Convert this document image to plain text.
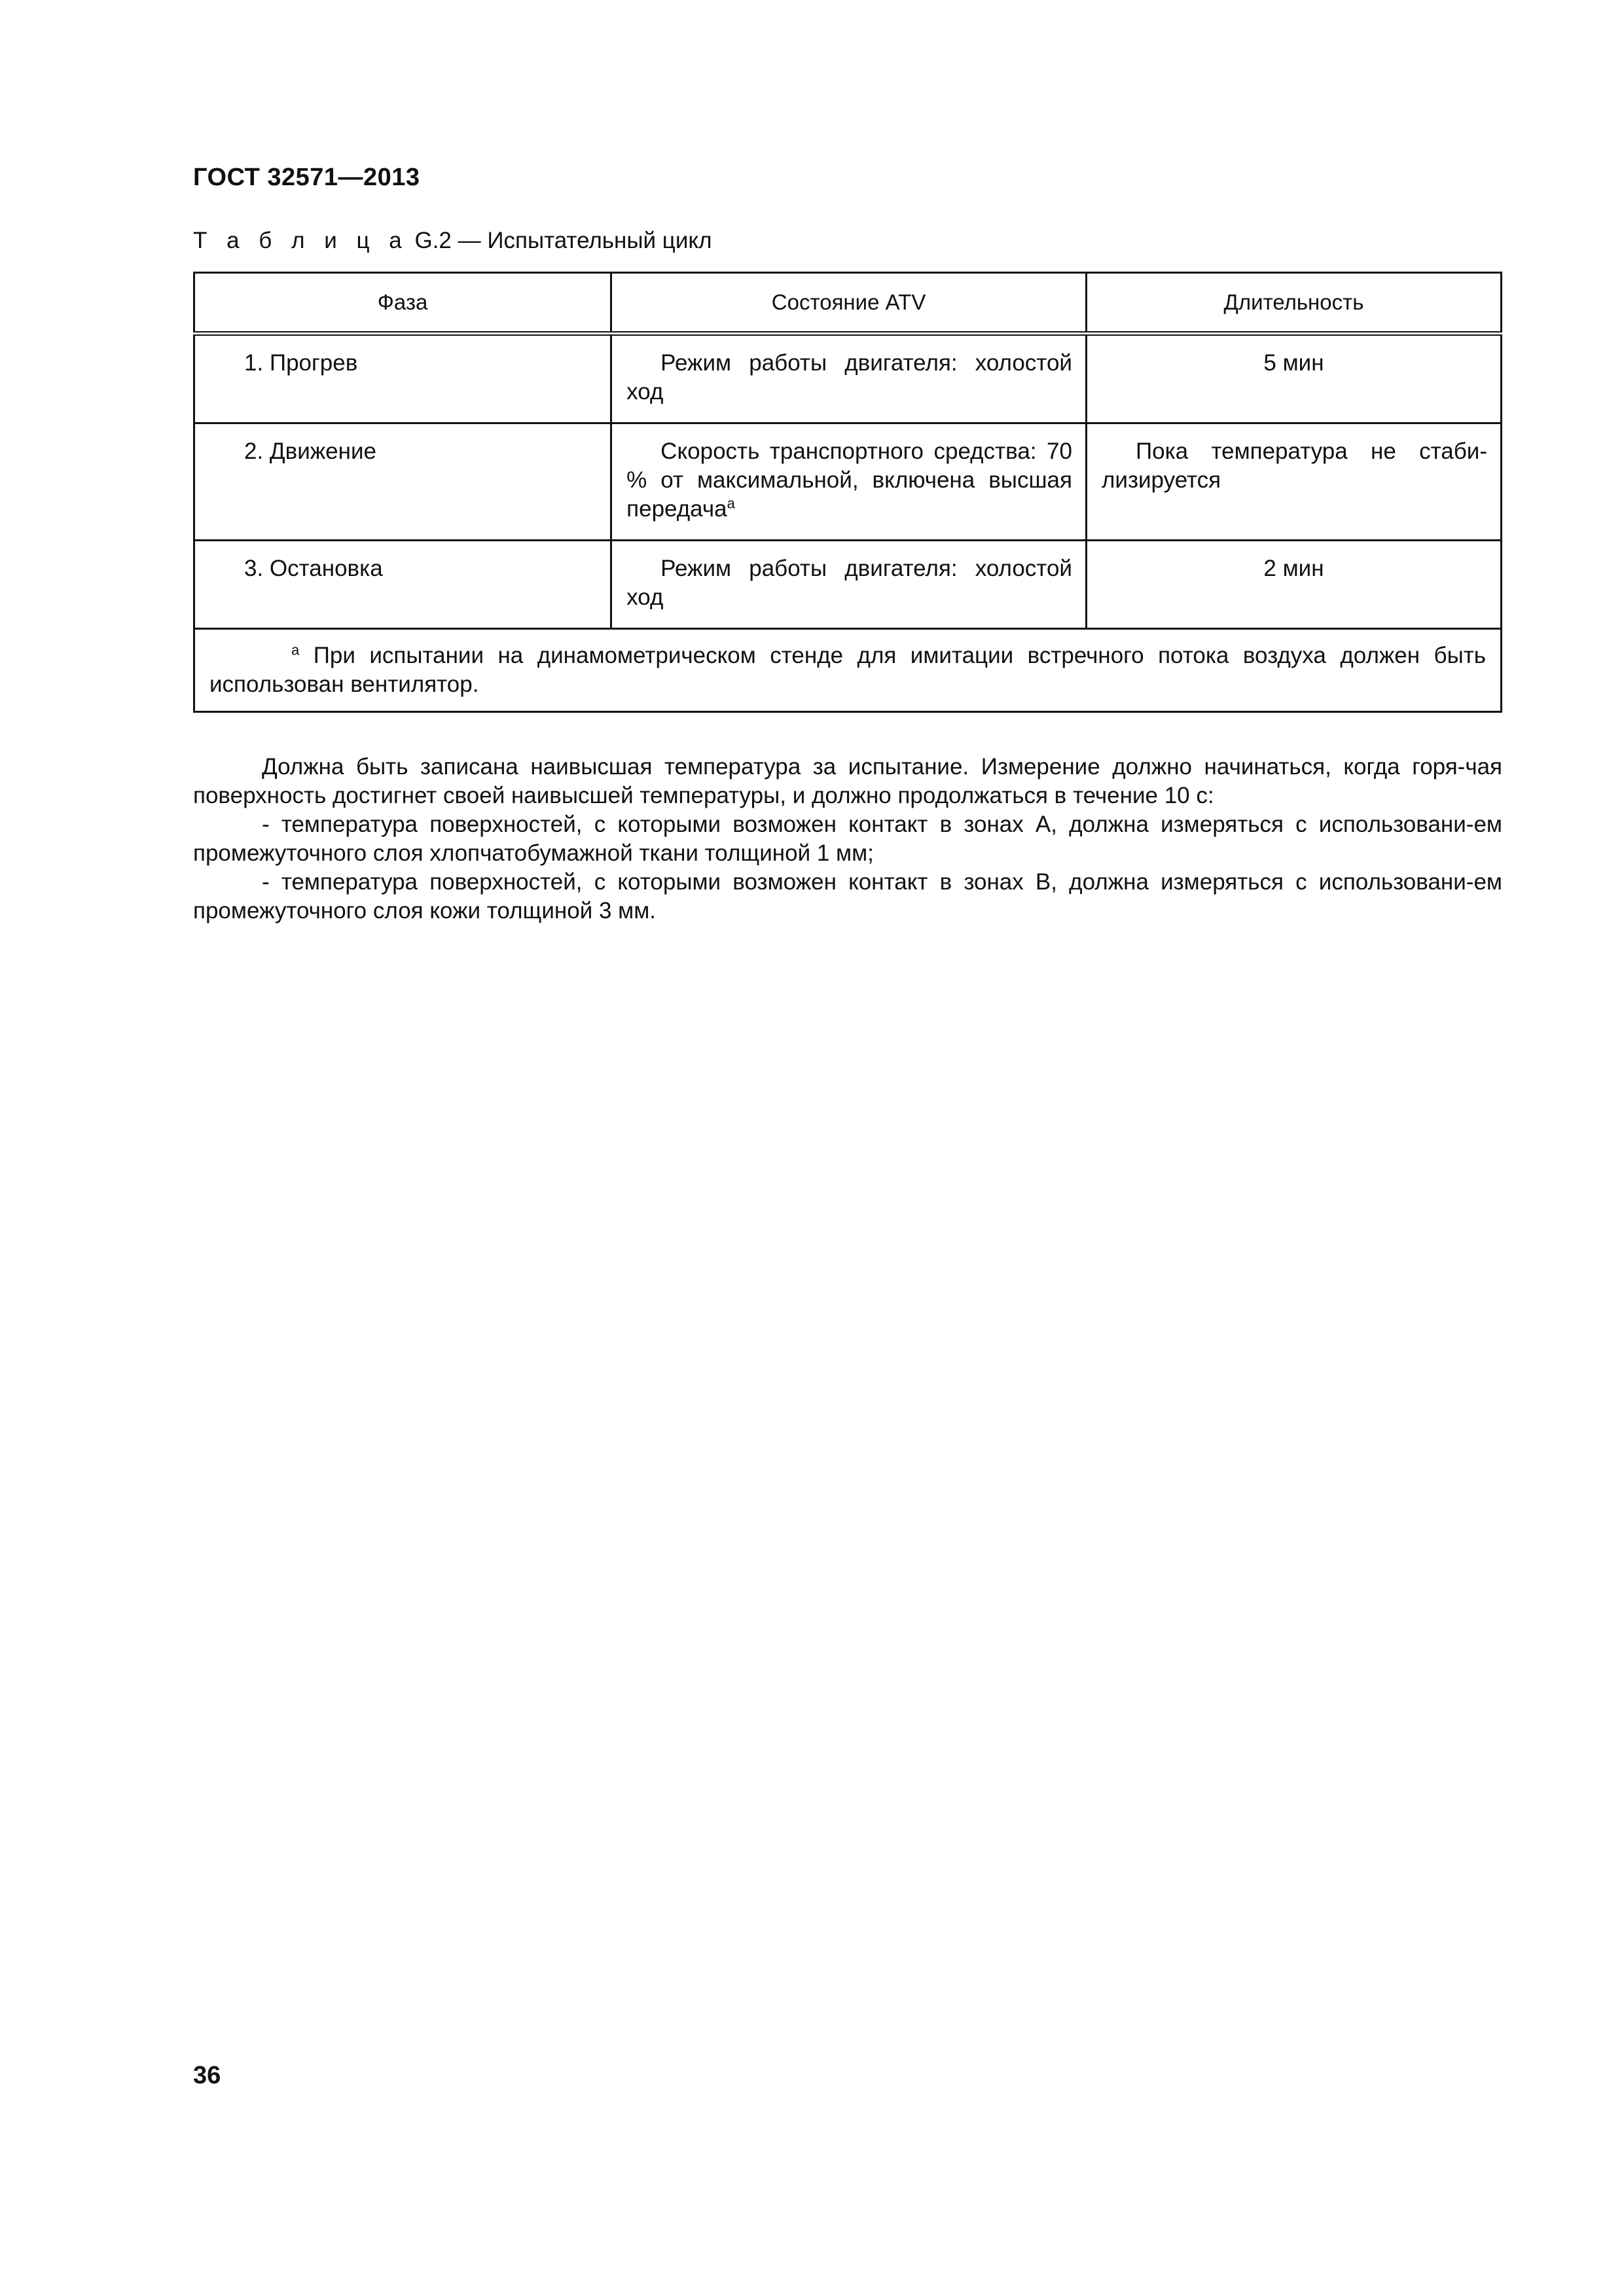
ГОСТ 32571—2013
Т а б л и ц а G.2 — Испытательный цикл
Фаза	Состояние ATV	Длительность
1. Прогрев	Режим работы двигателя: холостой ход	5 мин
2. Движение	Скорость транспортного средства: 70 % от максимальной, включена высшая передача$^a$	Пока температура не стаби-лизируется
3. Остановка	Режим работы двигателя: холостой ход	2 мин
$^a$ При испытании на динамометрическом стенде для имитации встречного потока воздуха должен быть использован вентилятор.		

Должна быть записана наивысшая температура за испытание. Измерение должно начинаться, когда горя-чая поверхность достигнет своей наивысшей температуры, и должно продолжаться в течение 10 с:

- температура поверхностей, с которыми возможен контакт в зонах А, должна измеряться с использовани-ем промежуточного слоя хлопчатобумажной ткани толщиной 1 мм;

- температура поверхностей, с которыми возможен контакт в зонах В, должна измеряться с использовани-ем промежуточного слоя кожи толщиной 3 мм.

36
